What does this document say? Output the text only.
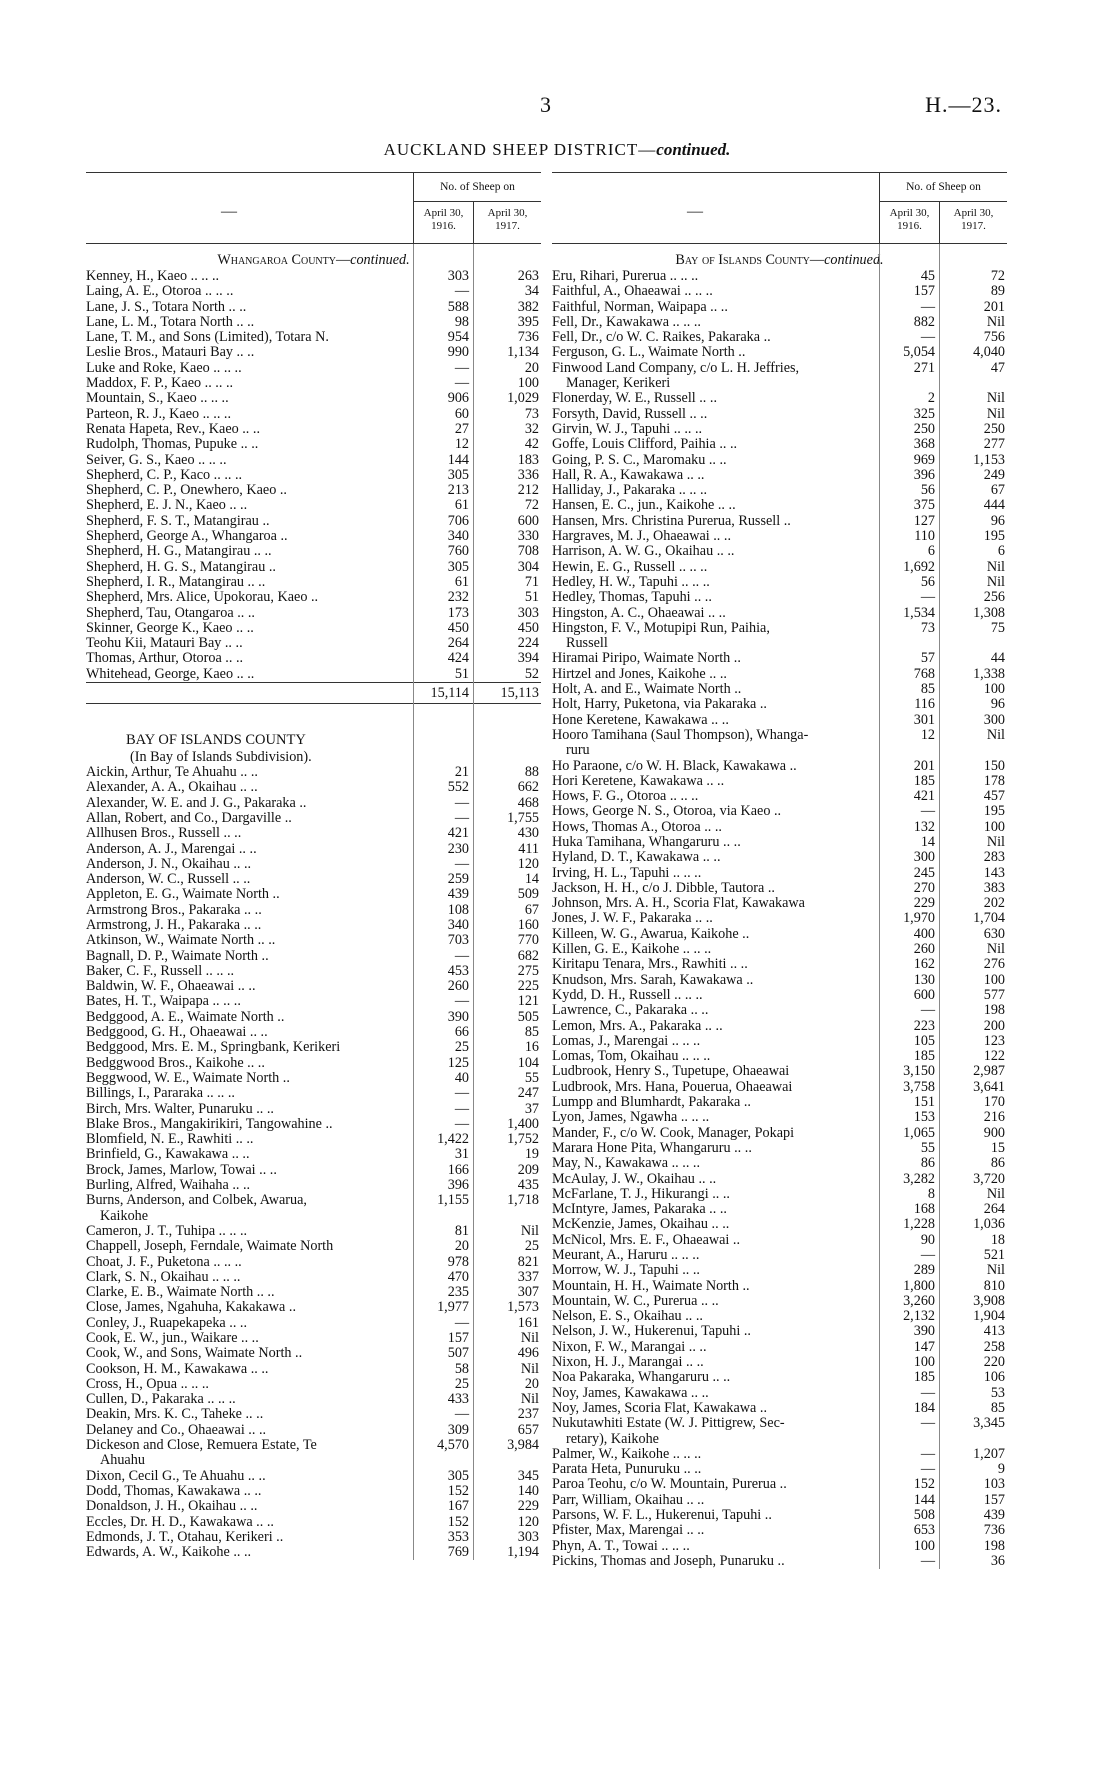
3	H.—23.
AUCKLAND SHEEP DISTRICT—continued.
—
No. of Sheep on
April 30, 1916.
April 30, 1917.
Whangaroa County—continued.
Kenney, H., Kaeo .. .. ..	303	263
Laing, A. E., Otoroa .. .. ..	—	34
Lane, J. S., Totara North .. ..	588	382
Lane, L. M., Totara North .. ..	98	395
Lane, T. M., and Sons (Limited), Totara N.	954	736
Leslie Bros., Matauri Bay .. ..	990	1,134
Luke and Roke, Kaeo .. .. ..	—	20
Maddox, F. P., Kaeo .. .. ..	—	100
Mountain, S., Kaeo .. .. ..	906	1,029
Parteon, R. J., Kaeo .. .. ..	60	73
Renata Hapeta, Rev., Kaeo .. ..	27	32
Rudolph, Thomas, Pupuke .. ..	12	42
Seiver, G. S., Kaeo .. .. ..	144	183
Shepherd, C. P., Kaco .. .. ..	305	336
Shepherd, C. P., Onewhero, Kaeo ..	213	212
Shepherd, E. J. N., Kaeo .. ..	61	72
Shepherd, F. S. T., Matangirau ..	706	600
Shepherd, George A., Whangaroa ..	340	330
Shepherd, H. G., Matangirau .. ..	760	708
Shepherd, H. G. S., Matangirau ..	305	304
Shepherd, I. R., Matangirau .. ..	61	71
Shepherd, Mrs. Alice, Upokorau, Kaeo ..	232	51
Shepherd, Tau, Otangaroa .. ..	173	303
Skinner, George K., Kaeo .. ..	450	450
Teohu Kii, Matauri Bay .. ..	264	224
Thomas, Arthur, Otoroa .. ..	424	394
Whitehead, George, Kaeo .. ..	51	52
15,114	15,113
BAY OF ISLANDS COUNTY
(In Bay of Islands Subdivision).
Aickin, Arthur, Te Ahuahu .. ..	21	88
Alexander, A. A., Okaihau .. ..	552	662
Alexander, W. E. and J. G., Pakaraka ..	—	468
Allan, Robert, and Co., Dargaville ..	—	1,755
Allhusen Bros., Russell .. ..	421	430
Anderson, A. J., Marengai .. ..	230	411
Anderson, J. N., Okaihau .. ..	—	120
Anderson, W. C., Russell .. ..	259	14
Appleton, E. G., Waimate North ..	439	509
Armstrong Bros., Pakaraka .. ..	108	67
Armstrong, J. H., Pakaraka .. ..	340	160
Atkinson, W., Waimate North .. ..	703	770
Bagnall, D. P., Waimate North ..	—	682
Baker, C. F., Russell .. .. ..	453	275
Baldwin, W. F., Ohaeawai .. ..	260	225
Bates, H. T., Waipapa .. .. ..	—	121
Bedggood, A. E., Waimate North ..	390	505
Bedggood, G. H., Ohaeawai .. ..	66	85
Bedggood, Mrs. E. M., Springbank, Kerikeri	25	16
Bedggwood Bros., Kaikohe .. ..	125	104
Beggwood, W. E., Waimate North ..	40	55
Billings, I., Pararaka .. .. ..	—	247
Birch, Mrs. Walter, Punaruku .. ..	—	37
Blake Bros., Mangakirikiri, Tangowahine ..	—	1,400
Blomfield, N. E., Rawhiti .. ..	1,422	1,752
Brinfield, G., Kawakawa .. ..	31	19
Brock, James, Marlow, Towai .. ..	166	209
Burling, Alfred, Waihaha .. ..	396	435
Burns, Anderson, and Colbek, Awarua,	1,155	1,718
Kaikohe
Cameron, J. T., Tuhipa .. .. ..	81	Nil
Chappell, Joseph, Ferndale, Waimate North	20	25
Choat, J. F., Puketona .. .. ..	978	821
Clark, S. N., Okaihau .. .. ..	470	337
Clarke, E. B., Waimate North .. ..	235	307
Close, James, Ngahuha, Kakakawa ..	1,977	1,573
Conley, J., Ruapekapeka .. ..	—	161
Cook, E. W., jun., Waikare .. ..	157	Nil
Cook, W., and Sons, Waimate North ..	507	496
Cookson, H. M., Kawakawa .. ..	58	Nil
Cross, H., Opua .. .. ..	25	20
Cullen, D., Pakaraka .. .. ..	433	Nil
Deakin, Mrs. K. C., Taheke .. ..	—	237
Delaney and Co., Ohaeawai .. ..	309	657
Dickeson and Close, Remuera Estate, Te	4,570	3,984
Ahuahu
Dixon, Cecil G., Te Ahuahu .. ..	305	345
Dodd, Thomas, Kawakawa .. ..	152	140
Donaldson, J. H., Okaihau .. ..	167	229
Eccles, Dr. H. D., Kawakawa .. ..	152	120
Edmonds, J. T., Otahau, Kerikeri ..	353	303
Edwards, A. W., Kaikohe .. ..	769	1,194
—
No. of Sheep on
April 30, 1916.
April 30, 1917.
Bay of Islands County—continued.
Eru, Rihari, Purerua .. .. ..	45	72
Faithful, A., Ohaeawai .. .. ..	157	89
Faithful, Norman, Waipapa .. ..	—	201
Fell, Dr., Kawakawa .. .. ..	882	Nil
Fell, Dr., c/o W. C. Raikes, Pakaraka ..	—	756
Ferguson, G. L., Waimate North ..	5,054	4,040
Finwood Land Company, c/o L. H. Jeffries,	271	47
Manager, Kerikeri
Flonerday, W. E., Russell .. ..	2	Nil
Forsyth, David, Russell .. ..	325	Nil
Girvin, W. J., Tapuhi .. .. ..	250	250
Goffe, Louis Clifford, Paihia .. ..	368	277
Going, P. S. C., Maromaku .. ..	969	1,153
Hall, R. A., Kawakawa .. ..	396	249
Halliday, J., Pakaraka .. .. ..	56	67
Hansen, E. C., jun., Kaikohe .. ..	375	444
Hansen, Mrs. Christina Purerua, Russell ..	127	96
Hargraves, M. J., Ohaeawai .. ..	110	195
Harrison, A. W. G., Okaihau .. ..	6	6
Hewin, E. G., Russell .. .. ..	1,692	Nil
Hedley, H. W., Tapuhi .. .. ..	56	Nil
Hedley, Thomas, Tapuhi .. ..	—	256
Hingston, A. C., Ohaeawai .. ..	1,534	1,308
Hingston, F. V., Motupipi Run, Paihia,	73	75
Russell
Hiramai Piripo, Waimate North ..	57	44
Hirtzel and Jones, Kaikohe .. ..	768	1,338
Holt, A. and E., Waimate North ..	85	100
Holt, Harry, Puketona, via Pakaraka ..	116	96
Hone Keretene, Kawakawa .. ..	301	300
Hooro Tamihana (Saul Thompson), Whanga-	12	Nil
ruru
Ho Paraone, c/o W. H. Black, Kawakawa ..	201	150
Hori Keretene, Kawakawa .. ..	185	178
Hows, F. G., Otoroa .. .. ..	421	457
Hows, George N. S., Otoroa, via Kaeo ..	—	195
Hows, Thomas A., Otoroa .. ..	132	100
Huka Tamihana, Whangaruru .. ..	14	Nil
Hyland, D. T., Kawakawa .. ..	300	283
Irving, H. L., Tapuhi .. .. ..	245	143
Jackson, H. H., c/o J. Dibble, Tautora ..	270	383
Johnson, Mrs. A. H., Scoria Flat, Kawakawa	229	202
Jones, J. W. F., Pakaraka .. ..	1,970	1,704
Killeen, W. G., Awarua, Kaikohe ..	400	630
Killen, G. E., Kaikohe .. .. ..	260	Nil
Kiritapu Tenara, Mrs., Rawhiti .. ..	162	276
Knudson, Mrs. Sarah, Kawakawa ..	130	100
Kydd, D. H., Russell .. .. ..	600	577
Lawrence, C., Pakaraka .. ..	—	198
Lemon, Mrs. A., Pakaraka .. ..	223	200
Lomas, J., Marengai .. .. ..	105	123
Lomas, Tom, Okaihau .. .. ..	185	122
Ludbrook, Henry S., Tupetupe, Ohaeawai	3,150	2,987
Ludbrook, Mrs. Hana, Pouerua, Ohaeawai	3,758	3,641
Lumpp and Blumhardt, Pakaraka ..	151	170
Lyon, James, Ngawha .. .. ..	153	216
Mander, F., c/o W. Cook, Manager, Pokapi	1,065	900
Marara Hone Pita, Whangaruru .. ..	55	15
May, N., Kawakawa .. .. ..	86	86
McAulay, J. W., Okaihau .. ..	3,282	3,720
McFarlane, T. J., Hikurangi .. ..	8	Nil
McIntyre, James, Pakaraka .. ..	168	264
McKenzie, James, Okaihau .. ..	1,228	1,036
McNicol, Mrs. E. F., Ohaeawai ..	90	18
Meurant, A., Haruru .. .. ..	—	521
Morrow, W. J., Tapuhi .. ..	289	Nil
Mountain, H. H., Waimate North ..	1,800	810
Mountain, W. C., Purerua .. ..	3,260	3,908
Nelson, E. S., Okaihau .. ..	2,132	1,904
Nelson, J. W., Hukerenui, Tapuhi ..	390	413
Nixon, F. W., Marangai .. ..	147	258
Nixon, H. J., Marangai .. ..	100	220
Noa Pakaraka, Whangaruru .. ..	185	106
Noy, James, Kawakawa .. ..	—	53
Noy, James, Scoria Flat, Kawakawa ..	184	85
Nukutawhiti Estate (W. J. Pittigrew, Sec-	—	3,345
retary), Kaikohe
Palmer, W., Kaikohe .. .. ..	—	1,207
Parata Heta, Punuruku .. ..	—	9
Paroa Teohu, c/o W. Mountain, Purerua ..	152	103
Parr, William, Okaihau .. ..	144	157
Parsons, W. F. L., Hukerenui, Tapuhi ..	508	439
Pfister, Max, Marengai .. ..	653	736
Phyn, A. T., Towai .. .. ..	100	198
Pickins, Thomas and Joseph, Punaruku ..	—	36
